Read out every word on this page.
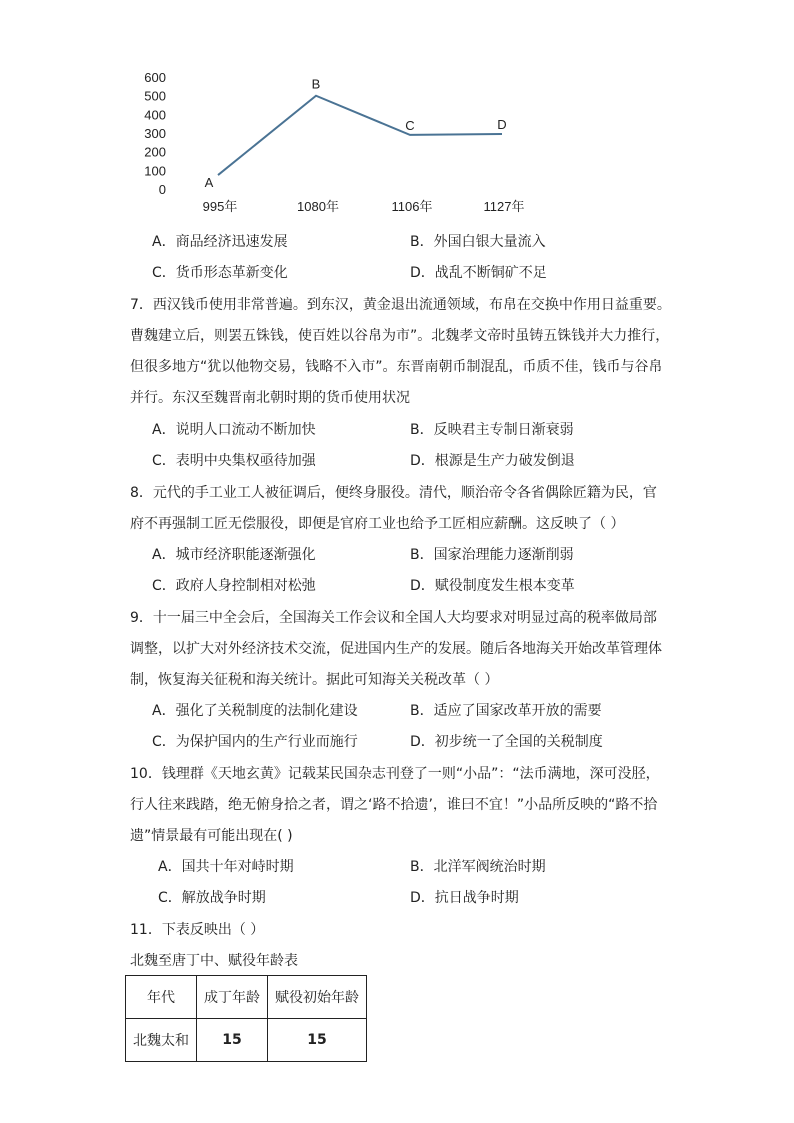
0
100
200
300
400
500
600
995年	1080年	1106年	1127年
A
B
C	D
A．商品经济迅速发展	B．外国白银大量流入
C．货币形态革新变化	D．战乱不断铜矿不足
7．西汉钱币使用非常普遍。到东汉，黄金退出流通领域，布帛在交换中作用日益重要。
曹魏建立后，则罢五铢钱，使百姓以谷帛为市”。北魏孝文帝时虽铸五铢钱并大力推行，
但很多地方“犹以他物交易，钱略不入市”。东晋南朝币制混乱，币质不佳，钱币与谷帛
并行。东汉至魏晋南北朝时期的货币使用状况
A．说明人口流动不断加快	B．反映君主专制日渐衰弱
C．表明中央集权亟待加强	D．根源是生产力破发倒退
8．元代的手工业工人被征调后，便终身服役。清代，顺治帝令各省偶除匠籍为民，官
府不再强制工匠无偿服役，即便是官府工业也给予工匠相应薪酬。这反映了（ ）
A．城市经济职能逐渐强化	B．国家治理能力逐渐削弱
C．政府人身控制相对松弛	D．赋役制度发生根本变革
9．十一届三中全会后，全国海关工作会议和全国人大均要求对明显过高的税率做局部
调整，以扩大对外经济技术交流，促进国内生产的发展。随后各地海关开始改革管理体
制，恢复海关征税和海关统计。据此可知海关关税改革（ ）
A．强化了关税制度的法制化建设	B．适应了国家改革开放的需要
C．为保护国内的生产行业而施行	D．初步统一了全国的关税制度
10．钱理群《天地玄黄》记载某民国杂志刊登了一则“小品”：“法币满地，深可没胫，
行人往来践踏，绝无俯身拾之者，谓之‘路不拾遗’，谁曰不宜！”小品所反映的“路不拾
遗”情景最有可能出现在( )
A．国共十年对峙时期	B．北洋军阀统治时期
C．解放战争时期	D．抗日战争时期
11．下表反映出（ ）
北魏至唐丁中、赋役年龄表
年代	成丁年龄	赋役初始年龄
北魏太和	15	15
